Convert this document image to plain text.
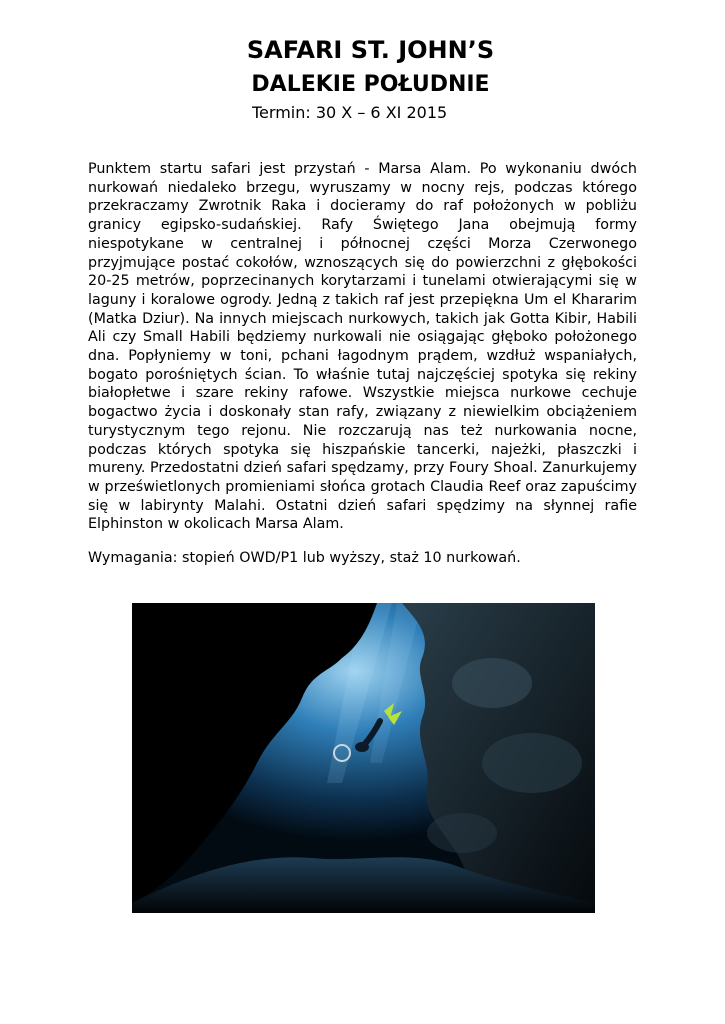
SAFARI ST. JOHN’S
DALEKIE POŁUDNIE

Termin: 30 X – 6 XI 2015

Punktem startu safari jest przystań - Marsa Alam. Po wykonaniu dwóch nurkowań niedaleko brzegu, wyruszamy w nocny rejs, podczas którego przekraczamy Zwrotnik Raka i docieramy do raf położonych w pobliżu granicy egipsko-sudańskiej. Rafy Świętego Jana obejmują formy niespotykane w centralnej i północnej części Morza Czerwonego przyjmujące postać cokołów, wznoszących się do powierzchni z głębokości 20-25 metrów, poprzecinanych korytarzami i tunelami otwierającymi się w laguny i koralowe ogrody. Jedną z takich raf jest przepiękna Um el Khararim (Matka Dziur). Na innych miejscach nurkowych, takich jak Gotta Kibir, Habili Ali czy Small Habili będziemy nurkowali nie osiągając głęboko położonego dna. Popłyniemy w toni, pchani łagodnym prądem, wzdłuż wspaniałych, bogato porośniętych ścian. To właśnie tutaj najczęściej spotyka się rekiny białopłetwe i szare rekiny rafowe. Wszystkie miejsca nurkowe cechuje bogactwo życia i doskonały stan rafy, związany z niewielkim obciążeniem turystycznym tego rejonu. Nie rozczarują nas też nurkowania nocne, podczas których spotyka się hiszpańskie tancerki, najeżki, płaszczki i mureny. Przedostatni dzień safari spędzamy, przy Foury Shoal. Zanurkujemy w prześwietlonych promieniami słońca grotach Claudia Reef oraz zapuścimy się w labirynty Malahi. Ostatni dzień safari spędzimy na słynnej rafie Elphinston w okolicach Marsa Alam.

Wymagania: stopień OWD/P1 lub wyższy, staż 10 nurkowań.
